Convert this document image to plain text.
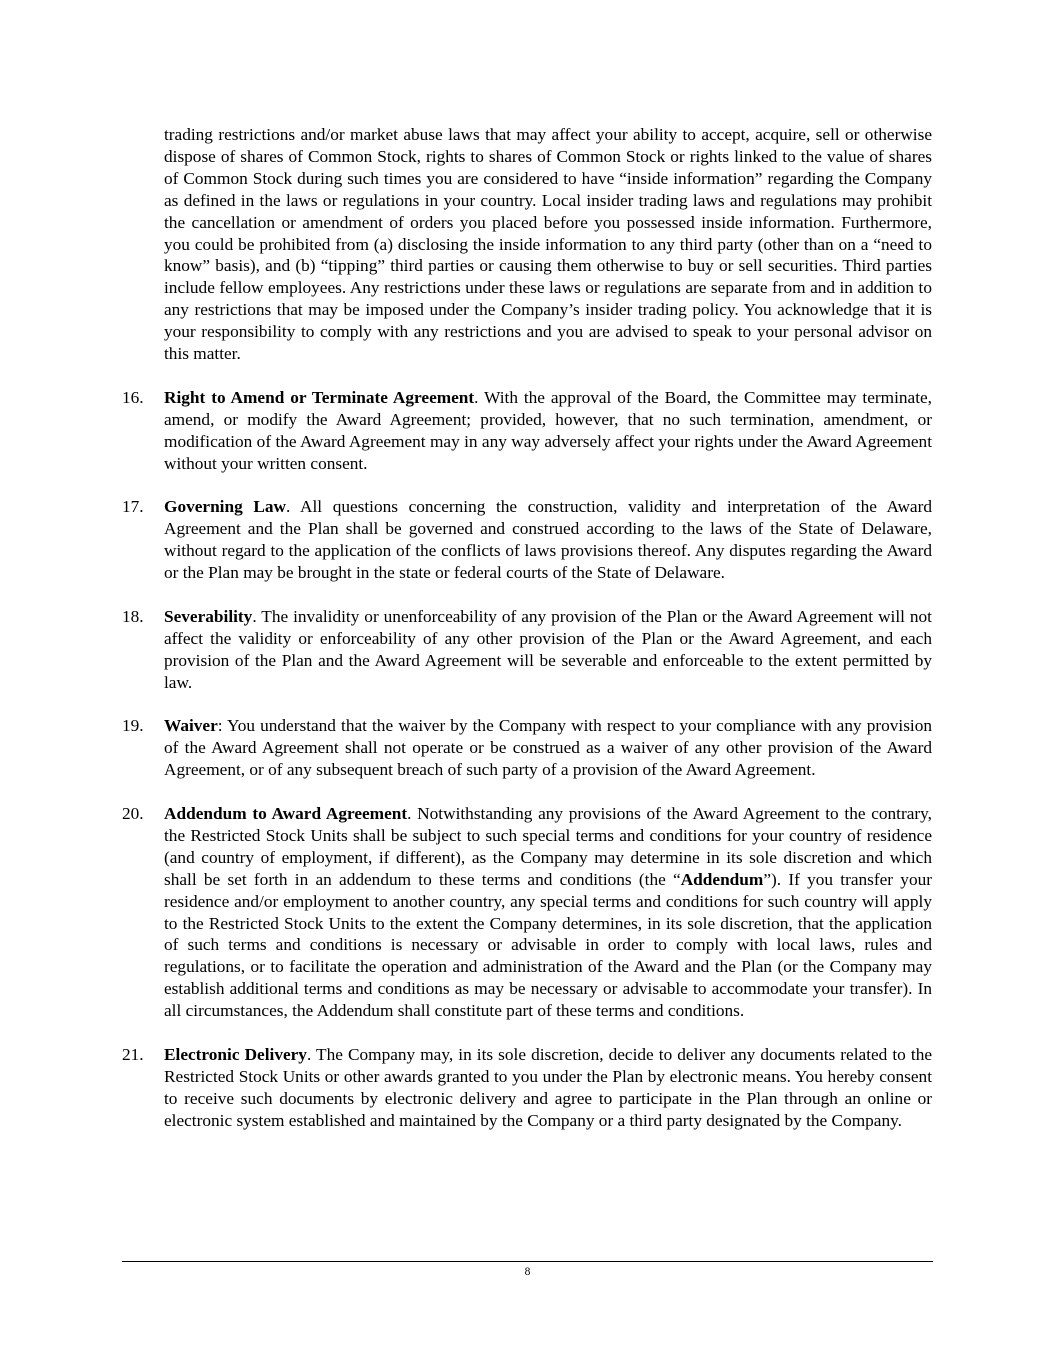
trading restrictions and/or market abuse laws that may affect your ability to accept, acquire, sell or otherwise dispose of shares of Common Stock, rights to shares of Common Stock or rights linked to the value of shares of Common Stock during such times you are considered to have “inside information” regarding the Company as defined in the laws or regulations in your country. Local insider trading laws and regulations may prohibit the cancellation or amendment of orders you placed before you possessed inside information. Furthermore, you could be prohibited from (a) disclosing the inside information to any third party (other than on a “need to know” basis), and (b) “tipping” third parties or causing them otherwise to buy or sell securities. Third parties include fellow employees. Any restrictions under these laws or regulations are separate from and in addition to any restrictions that may be imposed under the Company’s insider trading policy. You acknowledge that it is your responsibility to comply with any restrictions and you are advised to speak to your personal advisor on this matter.

16.	Right to Amend or Terminate Agreement. With the approval of the Board, the Committee may terminate, amend, or modify the Award Agreement; provided, however, that no such termination, amendment, or modification of the Award Agreement may in any way adversely affect your rights under the Award Agreement without your written consent.
17.	Governing Law. All questions concerning the construction, validity and interpretation of the Award Agreement and the Plan shall be governed and construed according to the laws of the State of Delaware, without regard to the application of the conflicts of laws provisions thereof. Any disputes regarding the Award or the Plan may be brought in the state or federal courts of the State of Delaware.
18.	Severability. The invalidity or unenforceability of any provision of the Plan or the Award Agreement will not affect the validity or enforceability of any other provision of the Plan or the Award Agreement, and each provision of the Plan and the Award Agreement will be severable and enforceable to the extent permitted by law.
19.	Waiver: You understand that the waiver by the Company with respect to your compliance with any provision of the Award Agreement shall not operate or be construed as a waiver of any other provision of the Award Agreement, or of any subsequent breach of such party of a provision of the Award Agreement.
20.	Addendum to Award Agreement. Notwithstanding any provisions of the Award Agreement to the contrary, the Restricted Stock Units shall be subject to such special terms and conditions for your country of residence (and country of employment, if different), as the Company may determine in its sole discretion and which shall be set forth in an addendum to these terms and conditions (the “Addendum”). If you transfer your residence and/or employment to another country, any special terms and conditions for such country will apply to the Restricted Stock Units to the extent the Company determines, in its sole discretion, that the application of such terms and conditions is necessary or advisable in order to comply with local laws, rules and regulations, or to facilitate the operation and administration of the Award and the Plan (or the Company may establish additional terms and conditions as may be necessary or advisable to accommodate your transfer). In all circumstances, the Addendum shall constitute part of these terms and conditions.
21.	Electronic Delivery. The Company may, in its sole discretion, decide to deliver any documents related to the Restricted Stock Units or other awards granted to you under the Plan by electronic means. You hereby consent to receive such documents by electronic delivery and agree to participate in the Plan through an online or electronic system established and maintained by the Company or a third party designated by the Company.
8
